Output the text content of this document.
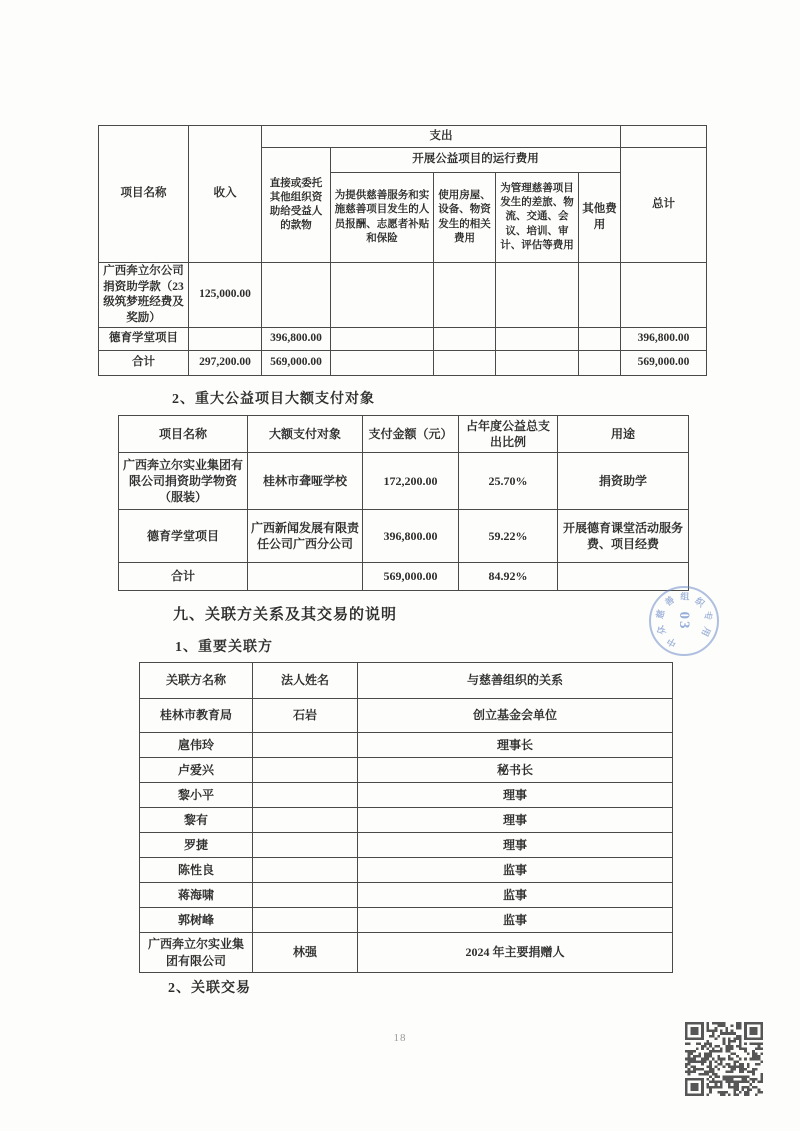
项目名称	收入	支出					
		直接或委托其他组织资助给受益人的款物	开展公益项目的运行费用				总计
			为提供慈善服务和实施慈善项目发生的人员报酬、志愿者补贴和保险	使用房屋、设备、物资发生的相关费用	为管理慈善项目发生的差旅、物流、交通、会议、培训、审计、评估等费用	其他费用	
广西奔立尔公司捐资助学款（23 级筑梦班经费及奖励）	125,000.00						
德育学堂项目		396,800.00					396,800.00
合计	297,200.00	569,000.00					569,000.00
2、重大公益项目大额支付对象
项目名称	大额支付对象	支付金额（元）	占年度公益总支出比例	用途
广西奔立尔实业集团有限公司捐资助学物资（服装）	桂林市聋哑学校	172,200.00	25.70%	捐资助学
德育学堂项目	广西新闻发展有限责任公司广西分公司	396,800.00	59.22%	开展德育课堂活动服务费、项目经费
合计		569,000.00	84.92%	
九、关联方关系及其交易的说明
1、重要关联方
关联方名称	法人姓名	与慈善组织的关系
桂林市教育局	石岩	创立基金会单位
扈伟玲		理事长
卢爱兴		秘书长
黎小平		理事
黎有		理事
罗捷		理事
陈性良		监事
蒋海啸		监事
郭树峰		监事
广西奔立尔实业集团有限公司	林强	2024 年主要捐赠人
2、关联交易
03
中
众
慈
善 组 织
专
用
18
